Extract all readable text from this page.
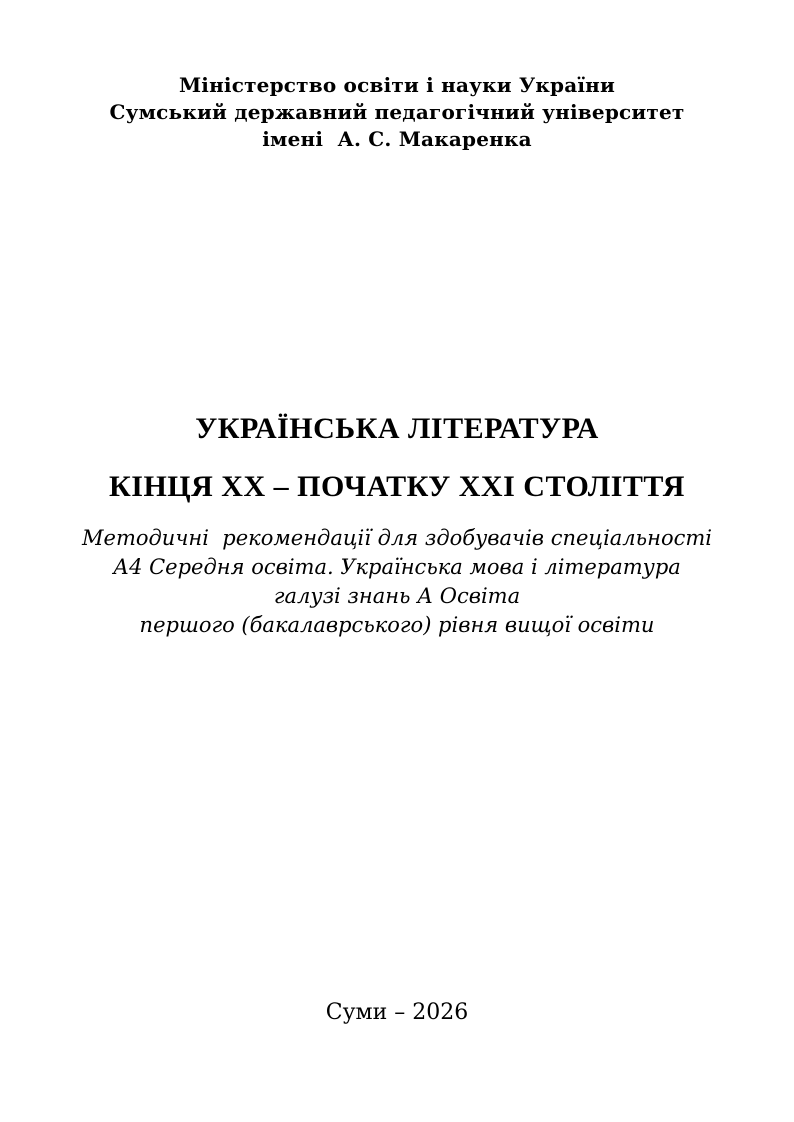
Міністерство освіти і науки України
Сумський державний педагогічний університет
імені  А. С. Макаренка
УКРАЇНСЬКА ЛІТЕРАТУРА
КІНЦЯ ХХ – ПОЧАТКУ ХХІ СТОЛІТТЯ
Методичні  рекомендації для здобувачів спеціальності
А4 Середня освіта. Українська мова і література
галузі знань А Освіта
першого (бакалаврського) рівня вищої освіти
Суми – 2026
